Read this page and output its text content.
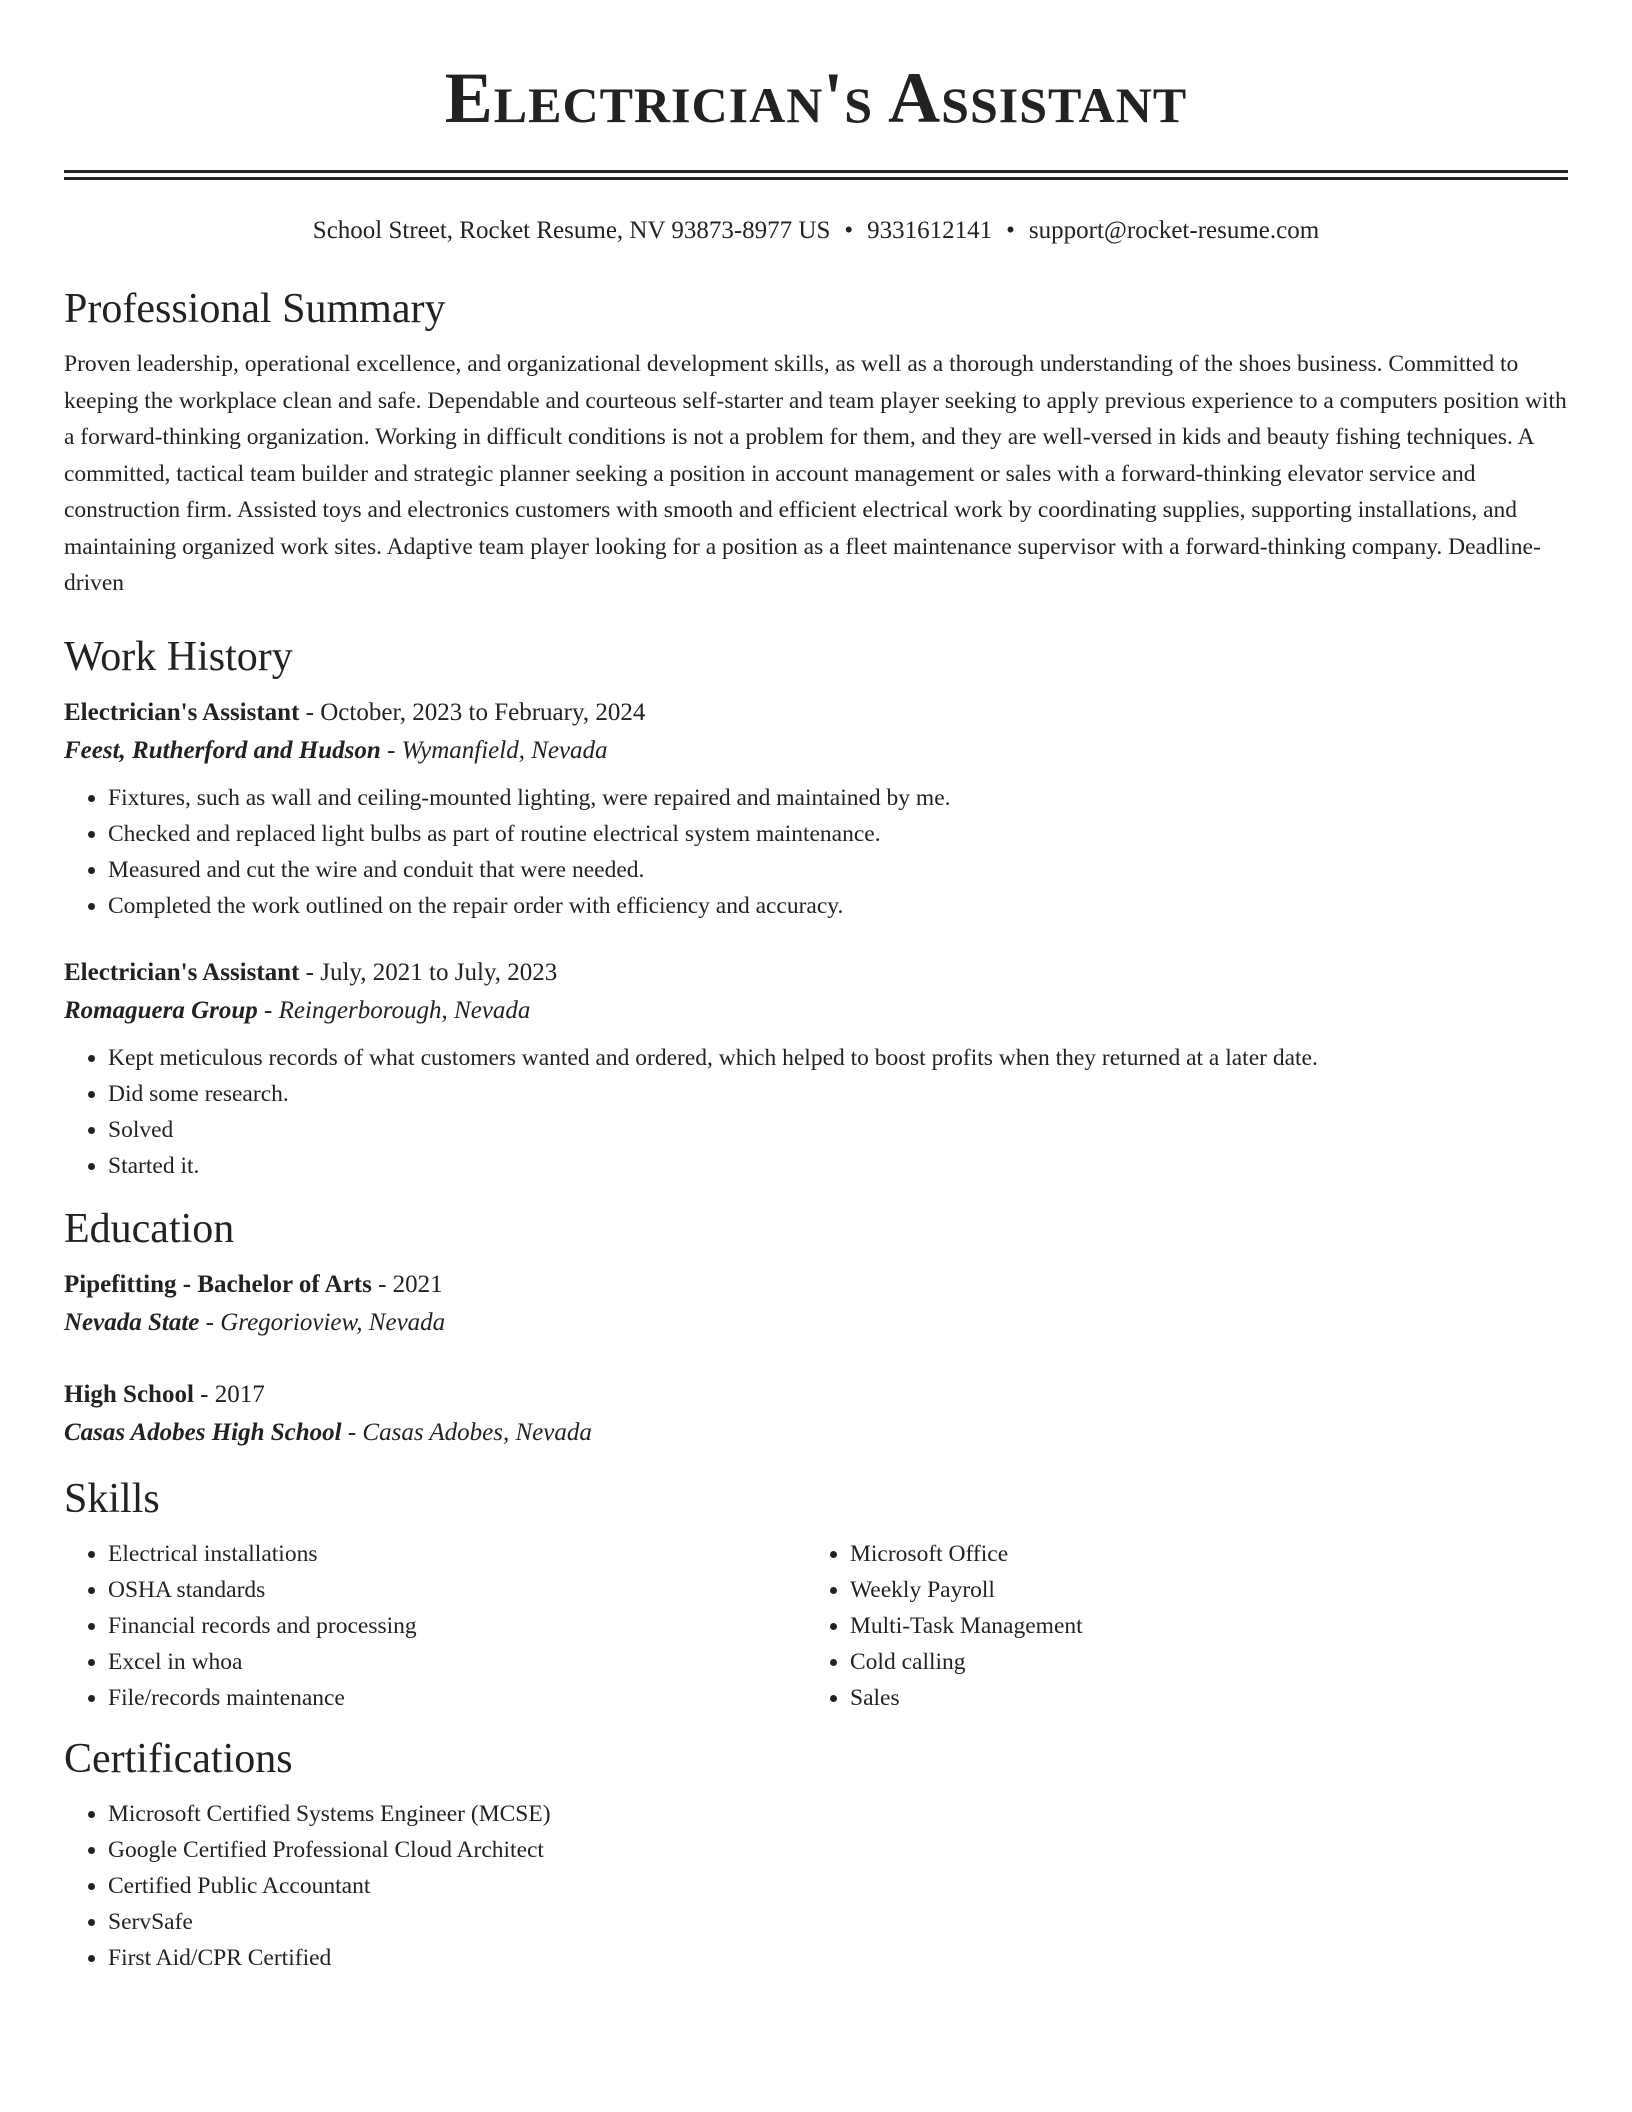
Electrician's Assistant
School Street, Rocket Resume, NV 93873-8977 US • 9331612141 • support@rocket-resume.com
Professional Summary
Proven leadership, operational excellence, and organizational development skills, as well as a thorough understanding of the shoes business. Committed to keeping the workplace clean and safe. Dependable and courteous self-starter and team player seeking to apply previous experience to a computers position with a forward-thinking organization. Working in difficult conditions is not a problem for them, and they are well-versed in kids and beauty fishing techniques. A committed, tactical team builder and strategic planner seeking a position in account management or sales with a forward-thinking elevator service and construction firm. Assisted toys and electronics customers with smooth and efficient electrical work by coordinating supplies, supporting installations, and maintaining organized work sites. Adaptive team player looking for a position as a fleet maintenance supervisor with a forward-thinking company. Deadline-driven
Work History
Electrician's Assistant - October, 2023 to February, 2024
Feest, Rutherford and Hudson - Wymanfield, Nevada
• Fixtures, such as wall and ceiling-mounted lighting, were repaired and maintained by me.
• Checked and replaced light bulbs as part of routine electrical system maintenance.
• Measured and cut the wire and conduit that were needed.
• Completed the work outlined on the repair order with efficiency and accuracy.
Electrician's Assistant - July, 2021 to July, 2023
Romaguera Group - Reingerborough, Nevada
• Kept meticulous records of what customers wanted and ordered, which helped to boost profits when they returned at a later date.
• Did some research.
• Solved
• Started it.
Education
Pipefitting - Bachelor of Arts - 2021
Nevada State - Gregorioview, Nevada
High School - 2017
Casas Adobes High School - Casas Adobes, Nevada
Skills
• Electrical installations
• OSHA standards
• Financial records and processing
• Excel in whoa
• File/records maintenance
• Microsoft Office
• Weekly Payroll
• Multi-Task Management
• Cold calling
• Sales
Certifications
• Microsoft Certified Systems Engineer (MCSE)
• Google Certified Professional Cloud Architect
• Certified Public Accountant
• ServSafe
• First Aid/CPR Certified
